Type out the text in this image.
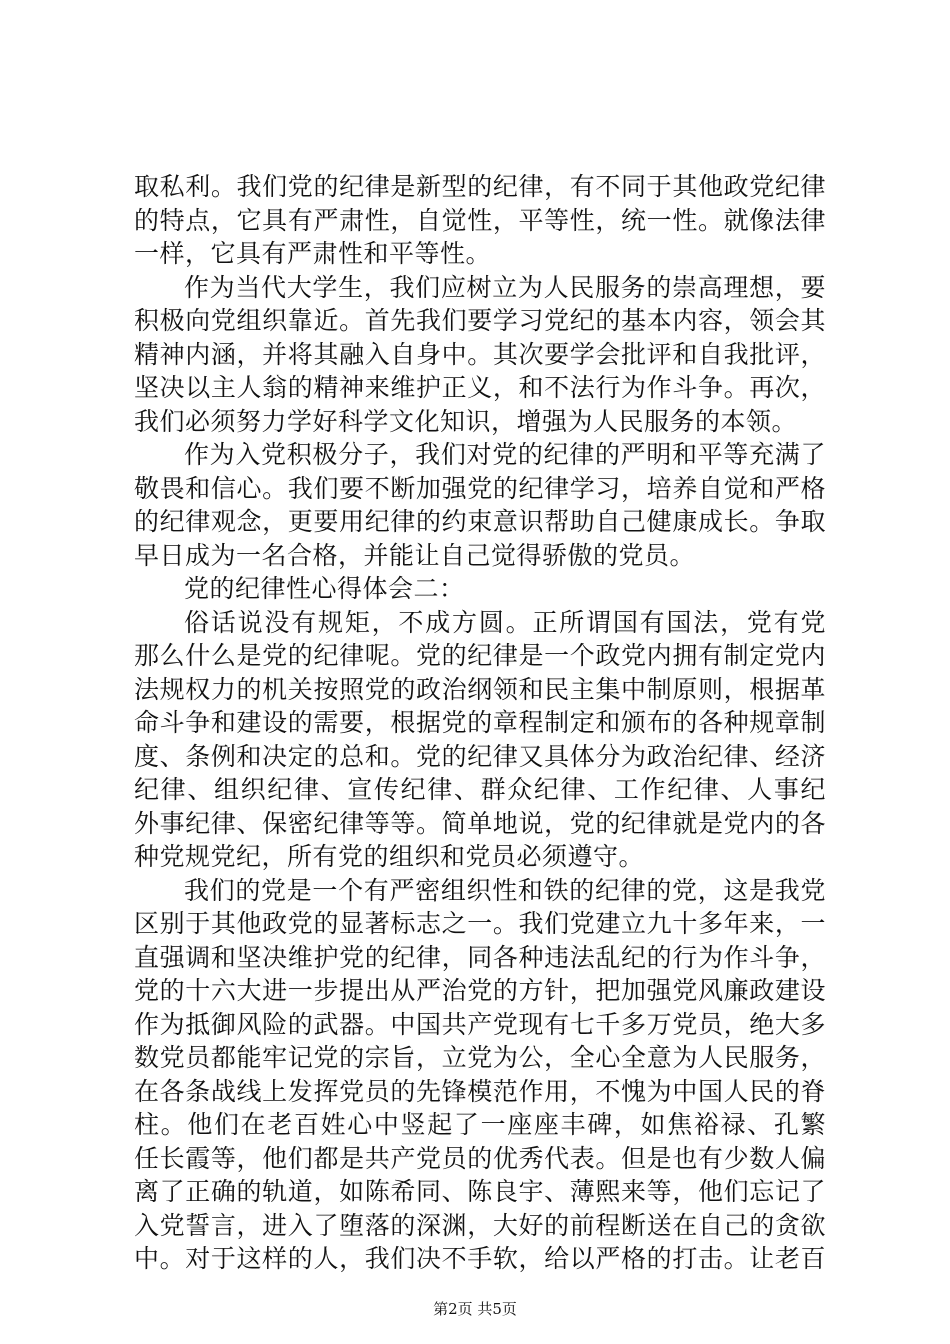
取私利。我们党的纪律是新型的纪律，有不同于其他政党纪律
的特点，它具有严肃性，自觉性，平等性，统一性。就像法律
一样，它具有严肃性和平等性。
作为当代大学生，我们应树立为人民服务的崇高理想，要
积极向党组织靠近。首先我们要学习党纪的基本内容，领会其
精神内涵，并将其融入自身中。其次要学会批评和自我批评，
坚决以主人翁的精神来维护正义，和不法行为作斗争。再次，
我们必须努力学好科学文化知识，增强为人民服务的本领。
作为入党积极分子，我们对党的纪律的严明和平等充满了
敬畏和信心。我们要不断加强党的纪律学习，培养自觉和严格
的纪律观念，更要用纪律的约束意识帮助自己健康成长。争取
早日成为一名合格，并能让自己觉得骄傲的党员。
党的纪律性心得体会二：
俗话说没有规矩，不成方圆。正所谓国有国法，党有党
那么什么是党的纪律呢。党的纪律是一个政党内拥有制定党内
法规权力的机关按照党的政治纲领和民主集中制原则，根据革
命斗争和建设的需要，根据党的章程制定和颁布的各种规章制
度、条例和决定的总和。党的纪律又具体分为政治纪律、经济
纪律、组织纪律、宣传纪律、群众纪律、工作纪律、人事纪
外事纪律、保密纪律等等。简单地说，党的纪律就是党内的各
种党规党纪，所有党的组织和党员必须遵守。
我们的党是一个有严密组织性和铁的纪律的党，这是我党
区别于其他政党的显著标志之一。我们党建立九十多年来，一
直强调和坚决维护党的纪律，同各种违法乱纪的行为作斗争，
党的十六大进一步提出从严治党的方针，把加强党风廉政建设
作为抵御风险的武器。中国共产党现有七千多万党员，绝大多
数党员都能牢记党的宗旨，立党为公，全心全意为人民服务，
在各条战线上发挥党员的先锋模范作用，不愧为中国人民的脊
柱。他们在老百姓心中竖起了一座座丰碑，如焦裕禄、孔繁
任长霞等，他们都是共产党员的优秀代表。但是也有少数人偏
离了正确的轨道，如陈希同、陈良宇、薄熙来等，他们忘记了
入党誓言，进入了堕落的深渊，大好的前程断送在自己的贪欲
中。对于这样的人，我们决不手软，给以严格的打击。让老百
第2页 共5页
